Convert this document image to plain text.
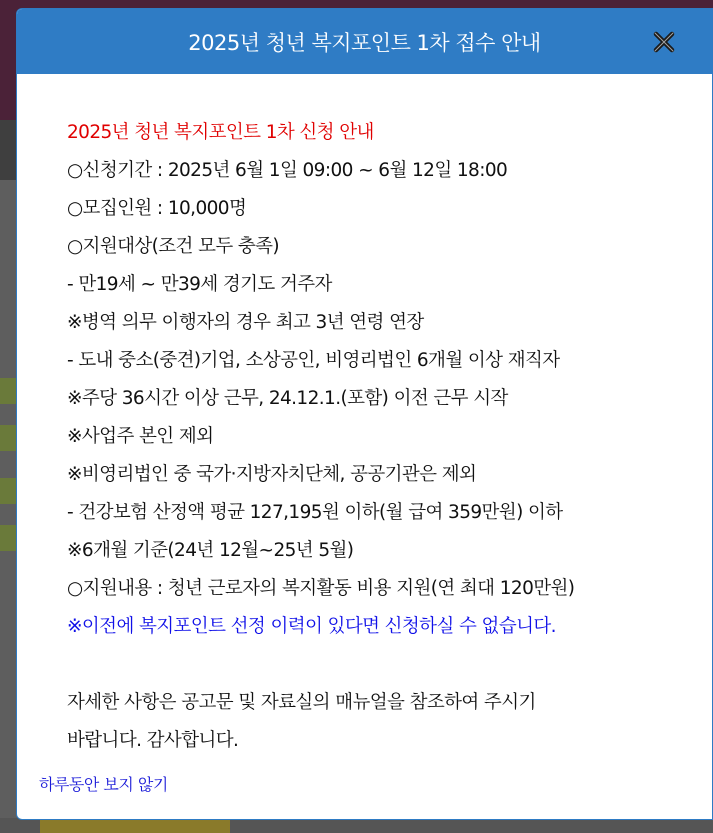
2025년 청년 복지포인트 1차 접수 안내
2025년 청년 복지포인트 1차 신청 안내
○신청기간 : 2025년 6월 1일 09:00 ~ 6월 12일 18:00
○모집인원 : 10,000명
○지원대상(조건 모두 충족)
- 만19세 ~ 만39세 경기도 거주자
※병역 의무 이행자의 경우 최고 3년 연령 연장
- 도내 중소(중견)기업, 소상공인, 비영리법인 6개월 이상 재직자
※주당 36시간 이상 근무, 24.12.1.(포함) 이전 근무 시작
※사업주 본인 제외
※비영리법인 중 국가·지방자치단체, 공공기관은 제외
- 건강보험 산정액 평균 127,195원 이하(월 급여 359만원) 이하
※6개월 기준(24년 12월~25년 5월)
○지원내용 : 청년 근로자의 복지활동 비용 지원(연 최대 120만원)
※이전에 복지포인트 선정 이력이 있다면 신청하실 수 없습니다.
자세한 사항은 공고문 및 자료실의 매뉴얼을 참조하여 주시기
바랍니다. 감사합니다.
하루동안 보지 않기
